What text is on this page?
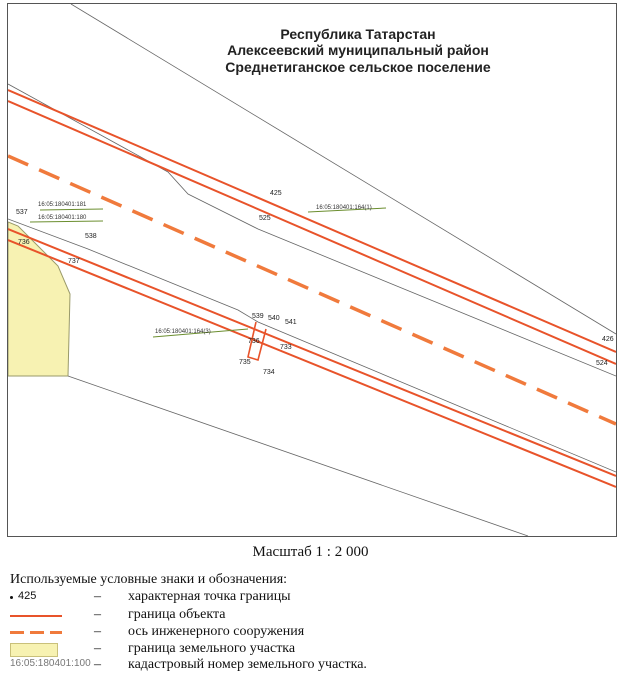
425
525
537
538
736
737
539 540
541
733
735
734
736	426
524
16:05:180401:164(1)
16:05:180401:181
16:05:180401:180
16:05:180401:164(3)
Республика Татарстан
Алексеевский муниципальный район
Среднетиганское сельское поселение
Масштаб 1 : 2 000
Используемые условные знаки и обозначения:
425	– характерная точка границы
– граница объекта
– ось инженерного сооружения
– граница земельного участка
16:05:180401:100 – кадастровый номер земельного участка.
